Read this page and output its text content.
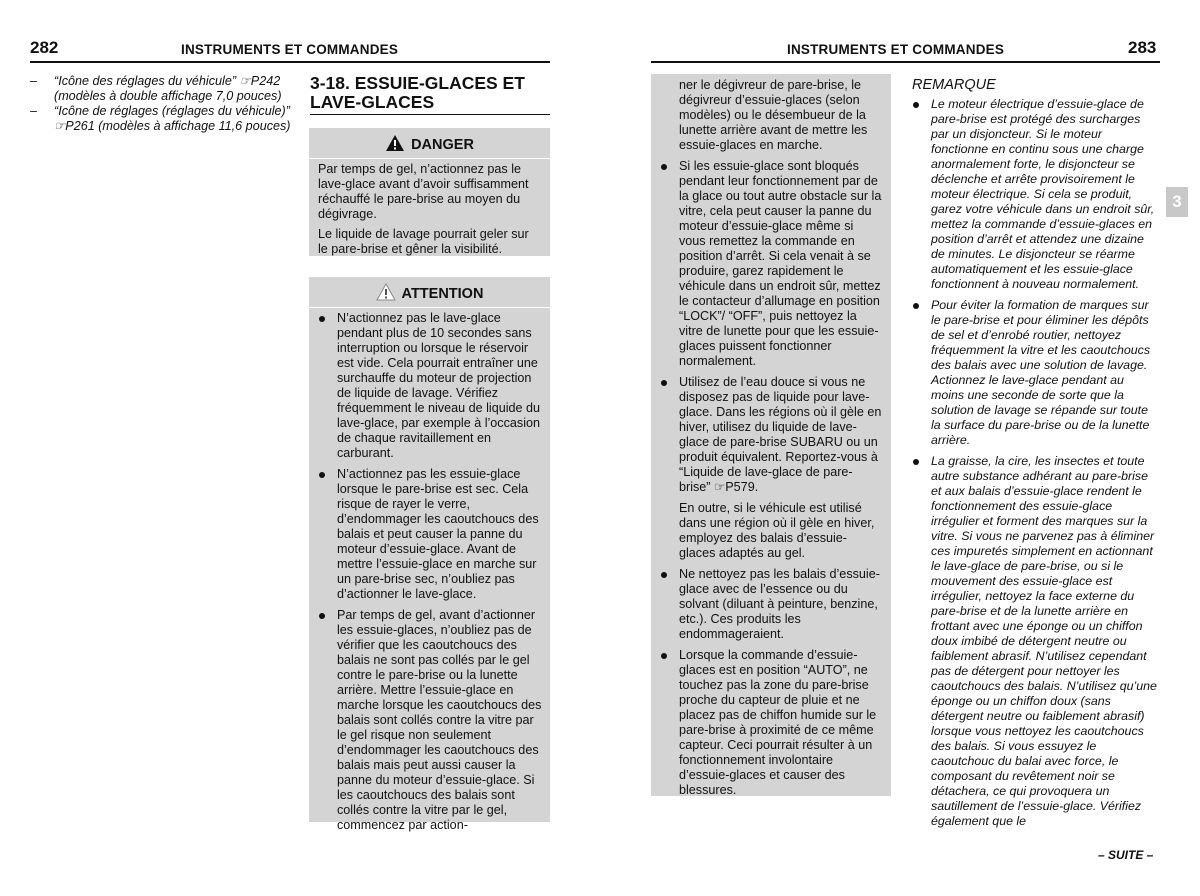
282	INSTRUMENTS ET COMMANDES	INSTRUMENTS ET COMMANDES	283
– “Icône des réglages du véhicule” ☞P242 (modèles à double affichage 7,0 pouces)
– “Icône de réglages (réglages du véhicule)” ☞P261 (modèles à affichage 11,6 pouces)
3-18. ESSUIE-GLACES ET LAVE-GLACES
DANGER

Par temps de gel, n’actionnez pas le lave-glace avant d’avoir suffisamment réchauffé le pare-brise au moyen du dégivrage.

Le liquide de lavage pourrait geler sur le pare-brise et gêner la visibilité.

ATTENTION
N’actionnez pas le lave-glace pendant plus de 10 secondes sans interruption ou lorsque le réservoir est vide. Cela pourrait entraîner une surchauffe du moteur de projection de liquide de lavage. Vérifiez fréquemment le niveau de liquide du lave-glace, par exemple à l’occasion de chaque ravitaillement en carburant.
N’actionnez pas les essuie-glace lorsque le pare-brise est sec. Cela risque de rayer le verre, d’endommager les caoutchoucs des balais et peut causer la panne du moteur d’essuie-glace. Avant de mettre l’essuie-glace en marche sur un pare-brise sec, n’oubliez pas d’actionner le lave-glace.
Par temps de gel, avant d’actionner les essuie-glaces, n’oubliez pas de vérifier que les caoutchoucs des balais ne sont pas collés par le gel contre le pare-brise ou la lunette arrière. Mettre l’essuie-glace en marche lorsque les caoutchoucs des balais sont collés contre la vitre par le gel risque non seulement d’endommager les caoutchoucs des balais mais peut aussi causer la panne du moteur d’essuie-glace. Si les caoutchoucs des balais sont collés contre la vitre par le gel, commencez par action-
ner le dégivreur de pare-brise, le dégivreur d’essuie-glaces (selon modèles) ou le désembueur de la lunette arrière avant de mettre les essuie-glaces en marche.

Si les essuie-glace sont bloqués pendant leur fonctionnement par de la glace ou tout autre obstacle sur la vitre, cela peut causer la panne du moteur d’essuie-glace même si vous remettez la commande en position d’arrêt. Si cela venait à se produire, garez rapidement le véhicule dans un endroit sûr, mettez le contacteur d’allumage en position “LOCK”/ “OFF”, puis nettoyez la vitre de lunette pour que les essuie-glaces puissent fonctionner normalement.

Utilisez de l’eau douce si vous ne disposez pas de liquide pour lave-glace. Dans les régions où il gèle en hiver, utilisez du liquide de lave-glace de pare-brise SUBARU ou un produit équivalent. Reportez-vous à “Liquide de lave-glace de pare-brise” ☞P579.

En outre, si le véhicule est utilisé dans une région où il gèle en hiver, employez des balais d’essuie-glaces adaptés au gel.

Ne nettoyez pas les balais d’essuie-glace avec de l’essence ou du solvant (diluant à peinture, benzine, etc.). Ces produits les endommageraient.

Lorsque la commande d’essuie-glaces est en position “AUTO”, ne touchez pas la zone du pare-brise proche du capteur de pluie et ne placez pas de chiffon humide sur le pare-brise à proximité de ce même capteur. Ceci pourrait résulter à un fonctionnement involontaire d’essuie-glaces et causer des blessures.

REMARQUE
Le moteur électrique d’essuie-glace de pare-brise est protégé des surcharges par un disjoncteur. Si le moteur fonctionne en continu sous une charge anormalement forte, le disjoncteur se déclenche et arrête provisoirement le moteur électrique. Si cela se produit, garez votre véhicule dans un endroit sûr, mettez la commande d’essuie-glaces en position d’arrêt et attendez une dizaine de minutes. Le disjoncteur se réarme automatiquement et les essuie-glace fonctionnent à nouveau normalement.
Pour éviter la formation de marques sur le pare-brise et pour éliminer les dépôts de sel et d’enrobé routier, nettoyez fréquemment la vitre et les caoutchoucs des balais avec une solution de lavage. Actionnez le lave-glace pendant au moins une seconde de sorte que la solution de lavage se répande sur toute la surface du pare-brise ou de la lunette arrière.
La graisse, la cire, les insectes et toute autre substance adhérant au pare-brise et aux balais d’essuie-glace rendent le fonctionnement des essuie-glace irrégulier et forment des marques sur la vitre. Si vous ne parvenez pas à éliminer ces impuretés simplement en actionnant le lave-glace de pare-brise, ou si le mouvement des essuie-glace est irrégulier, nettoyez la face externe du pare-brise et de la lunette arrière en frottant avec une éponge ou un chiffon doux imbibé de détergent neutre ou faiblement abrasif. N’utilisez cependant pas de détergent pour nettoyer les caoutchoucs des balais. N’utilisez qu’une éponge ou un chiffon doux (sans détergent neutre ou faiblement abrasif) lorsque vous nettoyez les caoutchoucs des balais. Si vous essuyez le caoutchouc du balai avec force, le composant du revêtement noir se détachera, ce qui provoquera un sautillement de l’essuie-glace. Vérifiez également que le
3
– SUITE –
